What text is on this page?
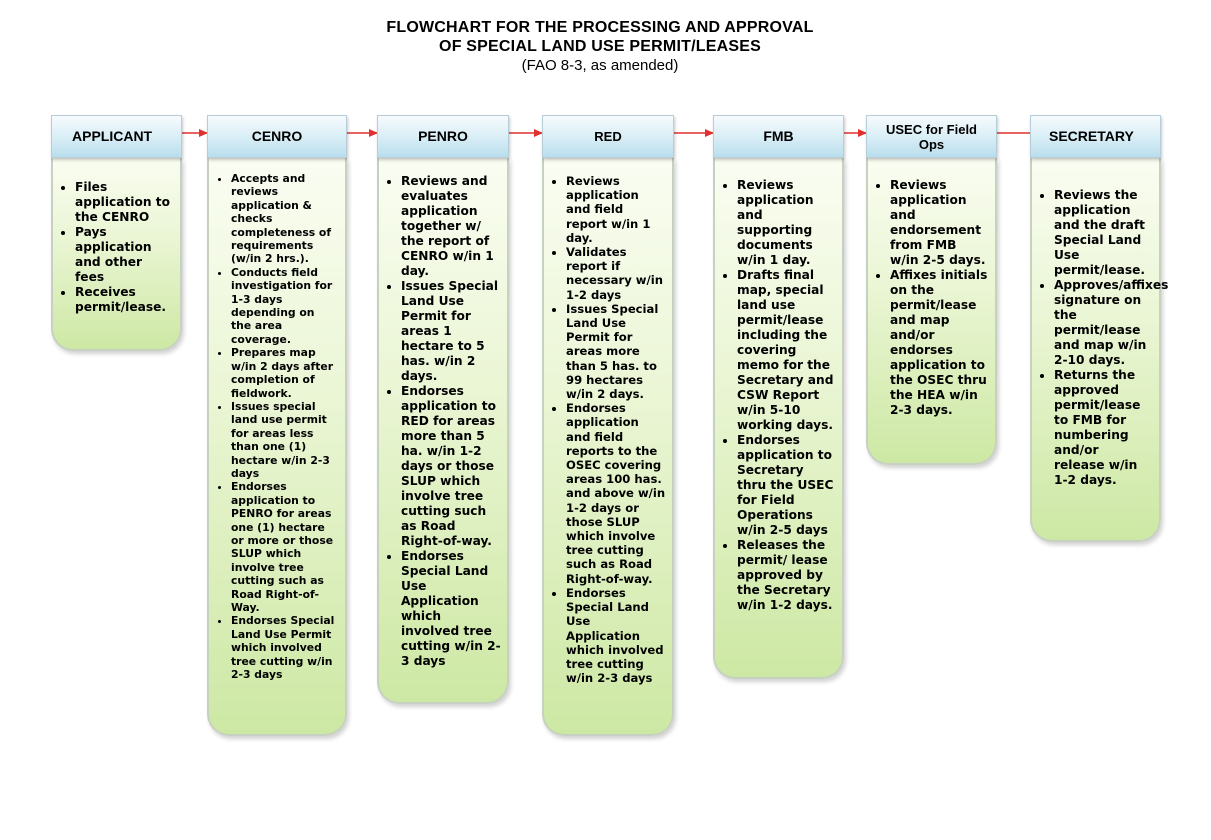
FLOWCHART FOR THE PROCESSING AND APPROVAL
OF SPECIAL LAND USE PERMIT/LEASES
(FAO 8-3, as amended)
• Files application to the CENRO
• Pays application and other fees
• Receives permit/lease.
APPLICANT
• Accepts and reviews application & checks completeness of requirements (w/in 2 hrs.).
• Conducts field investigation for 1-3 days depending on the area coverage.
• Prepares map w/in 2 days after completion of fieldwork.
• Issues special land use permit for areas less than one (1) hectare w/in 2-3 days
• Endorses application to PENRO for areas one (1) hectare or more or those SLUP which involve tree cutting such as Road Right-of-Way.
• Endorses Special Land Use Permit which involved tree cutting w/in 2-3 days
CENRO
• Reviews and evaluates application together w/ the report of CENRO w/in 1 day.
• Issues Special Land Use Permit for areas 1 hectare to 5 has. w/in 2 days.
• Endorses application to RED for areas more than 5 ha. w/in 1-2 days or those SLUP which involve tree cutting such as Road Right-of-way.
• Endorses Special Land Use Application which involved tree cutting w/in 2-3 days
PENRO
• Reviews application and field report w/in 1 day.
• Validates report if necessary w/in 1-2 days
• Issues Special Land Use Permit for areas more than 5 has. to 99 hectares w/in 2 days.
• Endorses application and field reports to the OSEC covering areas 100 has. and above w/in 1-2 days or those SLUP which involve tree cutting such as Road Right-of-way.
• Endorses Special Land Use Application which involved tree cutting w/in 2-3 days
RED
• Reviews application and supporting documents w/in 1 day.
• Drafts final map, special land use permit/lease including the covering memo for the Secretary and CSW Report w/in 5-10 working days.
• Endorses application to Secretary thru the USEC for Field Operations w/in 2-5 days
• Releases the permit/ lease approved by the Secretary w/in 1-2 days.
FMB
• Reviews application and endorsement from FMB w/in 2-5 days.
• Affixes initials on the permit/lease and map and/or endorses application to the OSEC thru the HEA w/in 2-3 days.
USEC for Field Ops
• Reviews the application and the draft Special Land Use permit/lease.
• Approves/affixes signature on the permit/lease and map w/in 2-10 days.
• Returns the approved permit/lease to FMB for numbering and/or release w/in 1-2 days.
SECRETARY
